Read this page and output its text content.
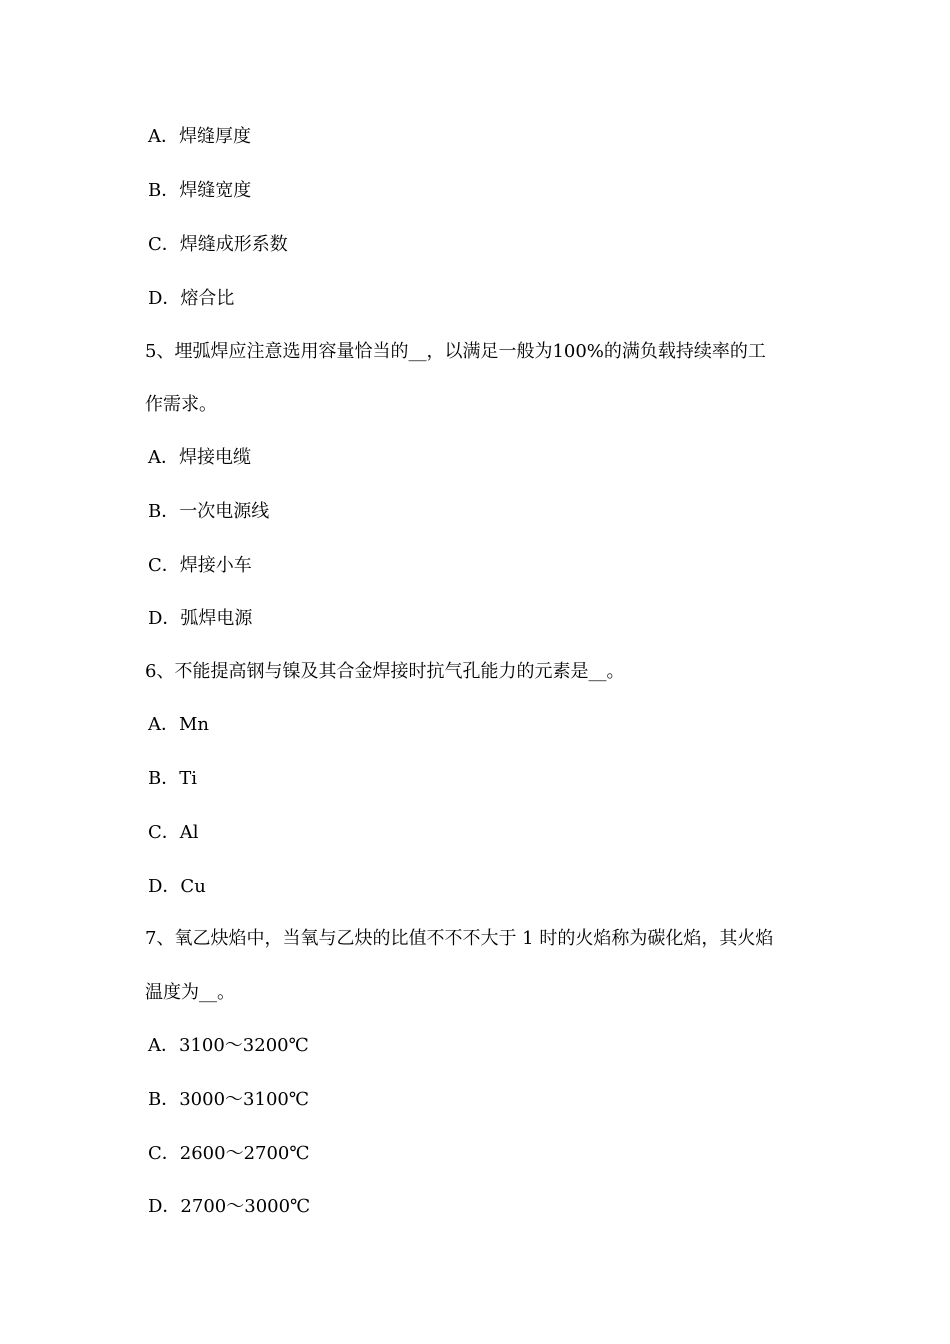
A．焊缝厚度
B．焊缝宽度
C．焊缝成形系数
D．熔合比
5、埋弧焊应注意选用容量恰当的__，以满足一般为100%的满负载持续率的工
作需求。
A．焊接电缆
B．一次电源线
C．焊接小车
D．弧焊电源
6、不能提高钢与镍及其合金焊接时抗气孔能力的元素是__。
A．Mn
B．Ti
C．Al
D．Cu
7、氧乙炔焰中，当氧与乙炔的比值不不不大于 1 时的火焰称为碳化焰，其火焰
温度为__。
A．3100～3200℃
B．3000～3100℃
C．2600～2700℃
D．2700～3000℃
